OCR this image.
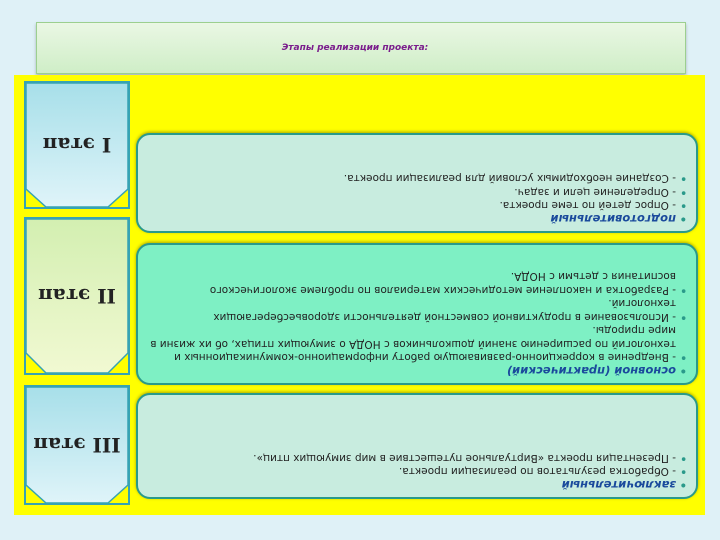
Этапы реализации проекта:
• заключительный
• - Обработка результатов по реализации проекта.
• - Презентация проекта «Виртуальное путешествие в мир зимующих птиц».
III этап
• основной (практический)
• - Внедрение в коррекционно-развивающую работу информационно-коммуникационных и технологий по расширению знаний дошкольников с НОДА о зимующих птицах, об их жизни в мире природы.
• - Использование в продуктивной совместной деятельности здоровьесберегающих технологий.
• - Разработка и накопление методических материалов по проблеме экологического воспитания с детьми с НОДА.
II этап
• подготовительный
• - Опрос детей по теме проекта.
• - Определение цели и задач.
• - Создание необходимых условий для реализации проекта.
I этап
